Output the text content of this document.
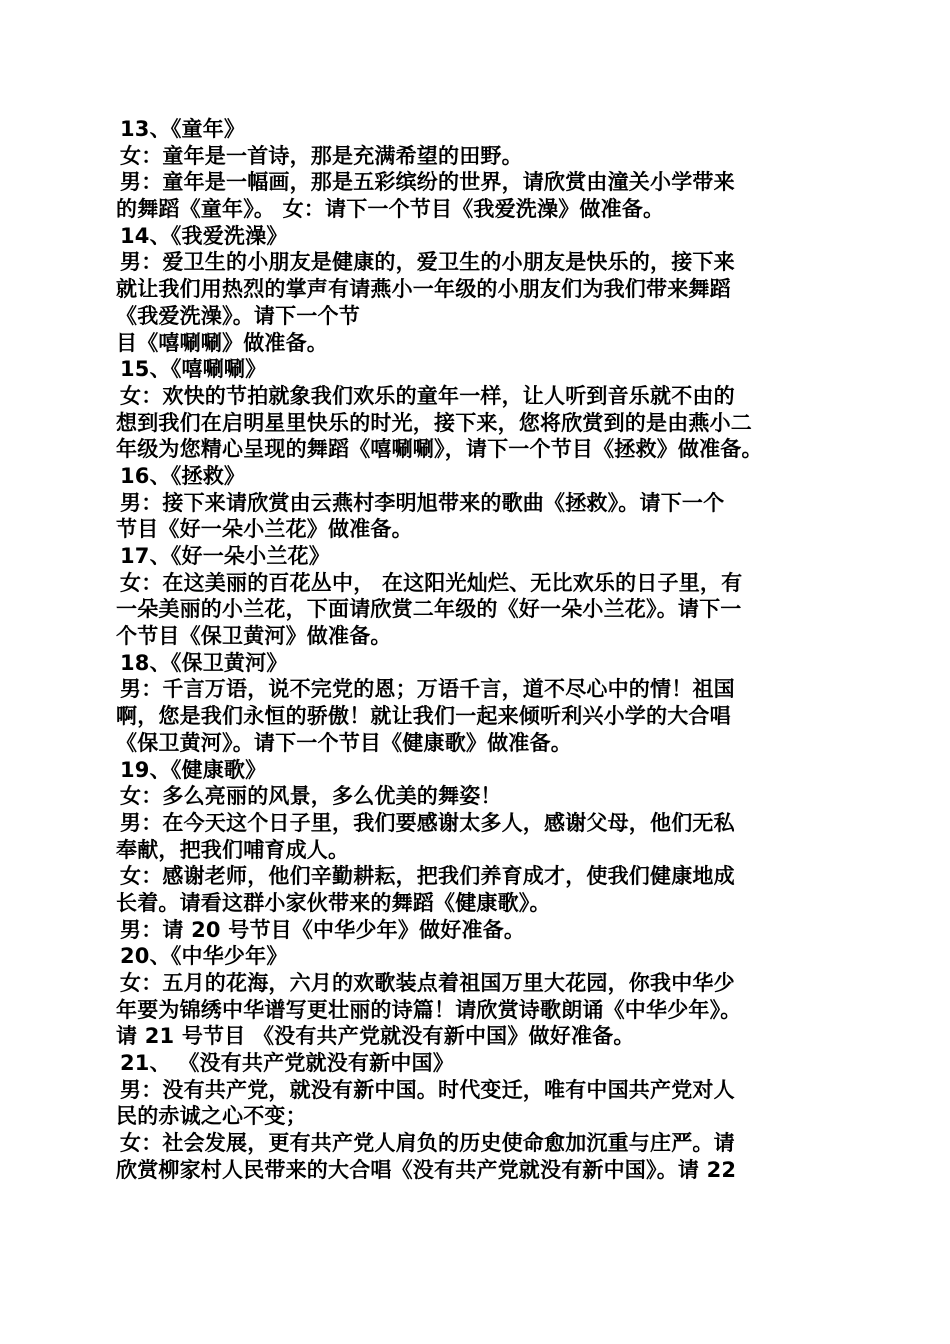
13、《童年》
女：童年是一首诗，那是充满希望的田野。
男：童年是一幅画，那是五彩缤纷的世界，请欣赏由潼关小学带来
的舞蹈《童年》。 女：请下一个节目《我爱洗澡》做准备。
14、《我爱洗澡》
男：爱卫生的小朋友是健康的，爱卫生的小朋友是快乐的，接下来
就让我们用热烈的掌声有请燕小一年级的小朋友们为我们带来舞蹈
《我爱洗澡》。请下一个节
目《嘻唰唰》做准备。
15、《嘻唰唰》
女：欢快的节拍就象我们欢乐的童年一样，让人听到音乐就不由的
想到我们在启明星里快乐的时光，接下来，您将欣赏到的是由燕小二
年级为您精心呈现的舞蹈《嘻唰唰》，请下一个节目《拯救》做准备。
16、《拯救》
男：接下来请欣赏由云燕村李明旭带来的歌曲《拯救》。请下一个
节目《好一朵小兰花》做准备。
17、《好一朵小兰花》
女：在这美丽的百花丛中， 在这阳光灿烂、无比欢乐的日子里，有
一朵美丽的小兰花，下面请欣赏二年级的《好一朵小兰花》。请下一
个节目《保卫黄河》做准备。
18、《保卫黄河》
男：千言万语，说不完党的恩；万语千言，道不尽心中的情！祖国
啊，您是我们永恒的骄傲！就让我们一起来倾听利兴小学的大合唱
《保卫黄河》。请下一个节目《健康歌》做准备。
19、《健康歌》
女：多么亮丽的风景，多么优美的舞姿！
男：在今天这个日子里，我们要感谢太多人，感谢父母，他们无私
奉献，把我们哺育成人。
女：感谢老师，他们辛勤耕耘，把我们养育成才，使我们健康地成
长着。请看这群小家伙带来的舞蹈《健康歌》。
男：请 20 号节目《中华少年》做好准备。
20、《中华少年》
女：五月的花海，六月的欢歌装点着祖国万里大花园，你我中华少
年要为锦绣中华谱写更壮丽的诗篇！请欣赏诗歌朗诵《中华少年》。
请 21 号节目 《没有共产党就没有新中国》做好准备。
21、 《没有共产党就没有新中国》
男：没有共产党，就没有新中国。时代变迁，唯有中国共产党对人
民的赤诚之心不变；
女：社会发展，更有共产党人肩负的历史使命愈加沉重与庄严。请
欣赏柳家村人民带来的大合唱《没有共产党就没有新中国》。请 22
